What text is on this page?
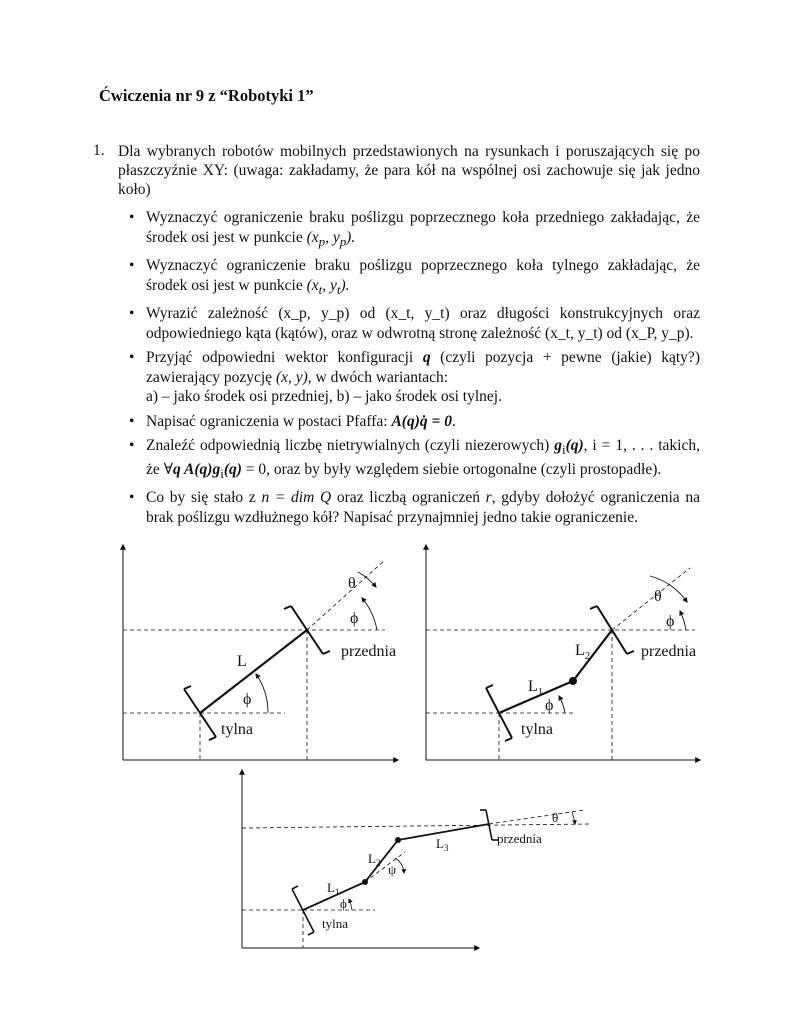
Ćwiczenia nr 9 z “Robotyki 1”
1. Dla wybranych robotów mobilnych przedstawionych na rysunkach i poruszających się po płaszczyźnie XY: (uwaga: zakładamy, że para kół na wspólnej osi zachowuje się jak jedno koło)
• Wyznaczyć ograniczenie braku poślizgu poprzecznego koła przedniego zakładając, że środek osi jest w punkcie ($x_p$, $y_p$).
• Wyznaczyć ograniczenie braku poślizgu poprzecznego koła tylnego zakładając, że środek osi jest w punkcie ($x_t$, $y_t$).
• Wyrazić zależność (x_p, y_p) od (x_t, y_t) oraz długości konstrukcyjnych oraz odpowiedniego kąta (kątów), oraz w odwrotną stronę zależność (x_t, y_t) od (x_P, y_p).
• Przyjąć odpowiedni wektor konfiguracji q (czyli pozycja + pewne (jakie) kąty?) zawierający pozycję (x, y), w dwóch wariantach:
a) – jako środek osi przedniej, b) – jako środek osi tylnej.
• Napisać ograniczenia w postaci Pfaffa: A(q)q̇ = 0.
• Znaleźć odpowiednią liczbę nietrywialnych (czyli niezerowych) $g_i(q)$, i = 1, . . . takich, że ∀q $A(q)g_i(q) = 0$, oraz by były względem siebie ortogonalne (czyli prostopadłe).
• Co by się stało z n = dim Q oraz liczbą ograniczeń r, gdyby dołożyć ograniczenia na brak poślizgu wzdłużnego kół? Napisać przynajmniej jedno takie ograniczenie.
L
ϕ
ϕ
θ
przednia
tylna
$L_1$
$L_2$
ϕ
ϕ
θ
przednia
tylna
$L_1$
$L_2$
$L_3$
ϕ
ψ
θ
przednia
tylna
